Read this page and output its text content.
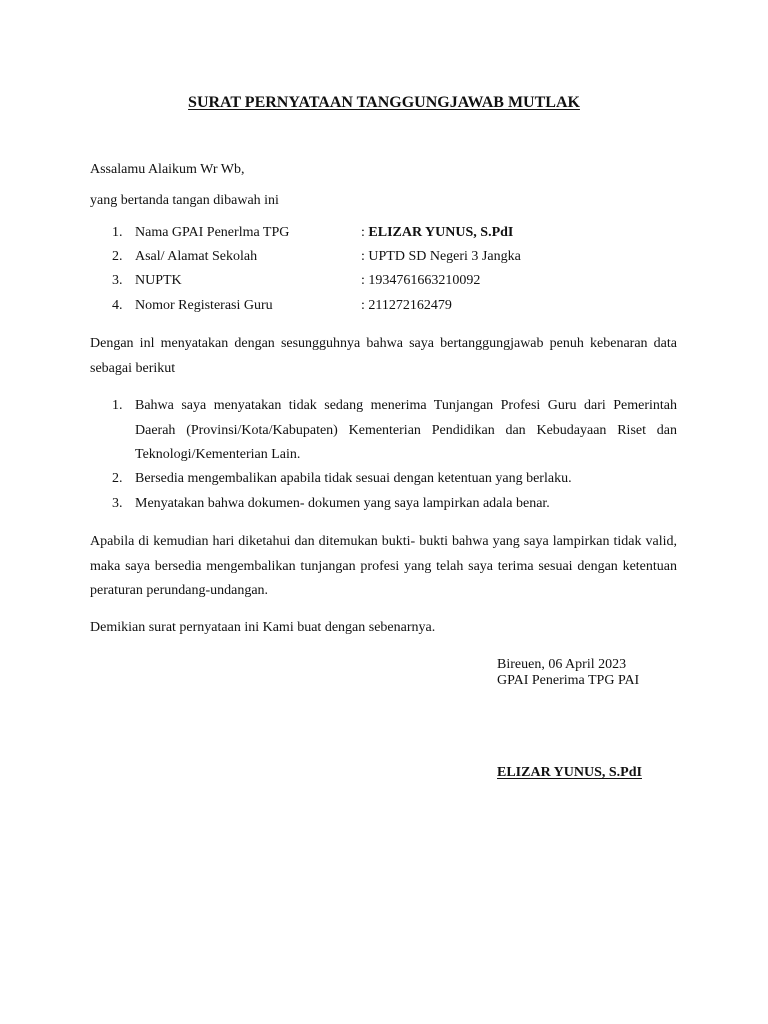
SURAT PERNYATAAN TANGGUNGJAWAB MUTLAK
Assalamu Alaikum Wr Wb,
yang bertanda tangan dibawah ini
1. Nama GPAI Penerlma TPG	: ELIZAR YUNUS, S.PdI
2. Asal/ Alamat Sekolah	: UPTD SD Negeri 3 Jangka
3. NUPTK	: 1934761663210092
4. Nomor Registerasi Guru	: 211272162479

Dengan inl menyatakan dengan sesungguhnya bahwa saya bertanggungjawab penuh kebenaran data sebagai berikut

1. Bahwa saya menyatakan tidak sedang menerima Tunjangan Profesi Guru dari Pemerintah Daerah (Provinsi/Kota/Kabupaten) Kementerian Pendidikan dan Kebudayaan Riset dan Teknologi/Kementerian Lain.

2. Bersedia mengembalikan apabila tidak sesuai dengan ketentuan yang berlaku.

3. Menyatakan bahwa dokumen- dokumen yang saya lampirkan adala benar.

Apabila di kemudian hari diketahui dan ditemukan bukti- bukti bahwa yang saya lampirkan tidak valid, maka saya bersedia mengembalikan tunjangan profesi yang telah saya terima sesuai dengan ketentuan peraturan perundang-undangan.

Demikian surat pernyataan ini Kami buat dengan sebenarnya.
Bireuen, 06 April 2023
GPAI Penerima TPG PAI
ELIZAR YUNUS, S.PdI
